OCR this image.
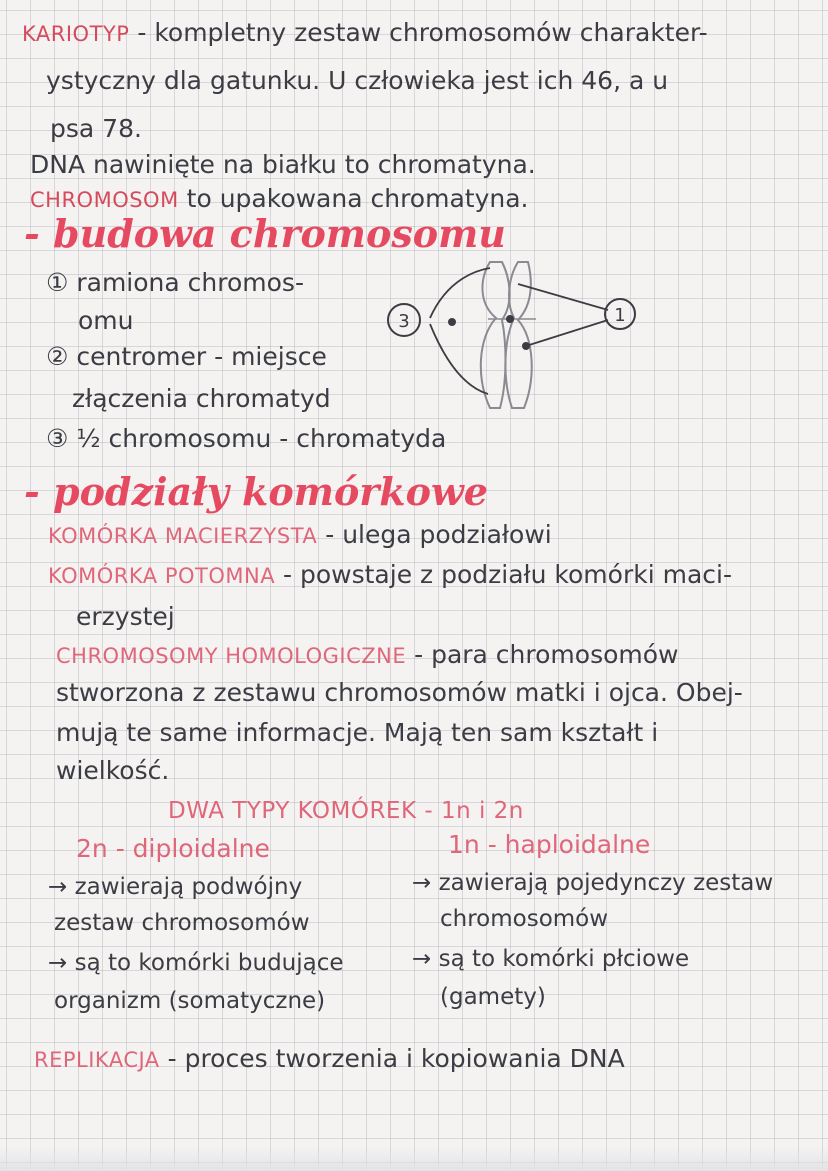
KARIOTYP - kompletny zestaw chromosomów charakter-
ystyczny dla gatunku. U człowieka jest ich 46, a u
psa 78.
DNA nawinięte na białku to chromatyna.
CHROMOSOM to upakowana chromatyna.
- budowa chromosomu
① ramiona chromos-
omu
② centromer - miejsce
złączenia chromatyd
③ ½ chromosomu - chromatyda
3	1
- podziały komórkowe
KOMÓRKA MACIERZYSTA - ulega podziałowi
KOMÓRKA POTOMNA - powstaje z podziału komórki maci-
erzystej
CHROMOSOMY HOMOLOGICZNE - para chromosomów
stworzona z zestawu chromosomów matki i ojca. Obej-
mują te same informacje. Mają ten sam kształt i
wielkość.
DWA TYPY KOMÓREK - 1n i 2n
2n - diploidalne
→ zawierają podwójny
zestaw chromosomów
→ są to komórki budujące
organizm (somatyczne)
1n - haploidalne
→ zawierają pojedynczy zestaw
chromosomów
→ są to komórki płciowe
(gamety)
REPLIKACJA - proces tworzenia i kopiowania DNA
